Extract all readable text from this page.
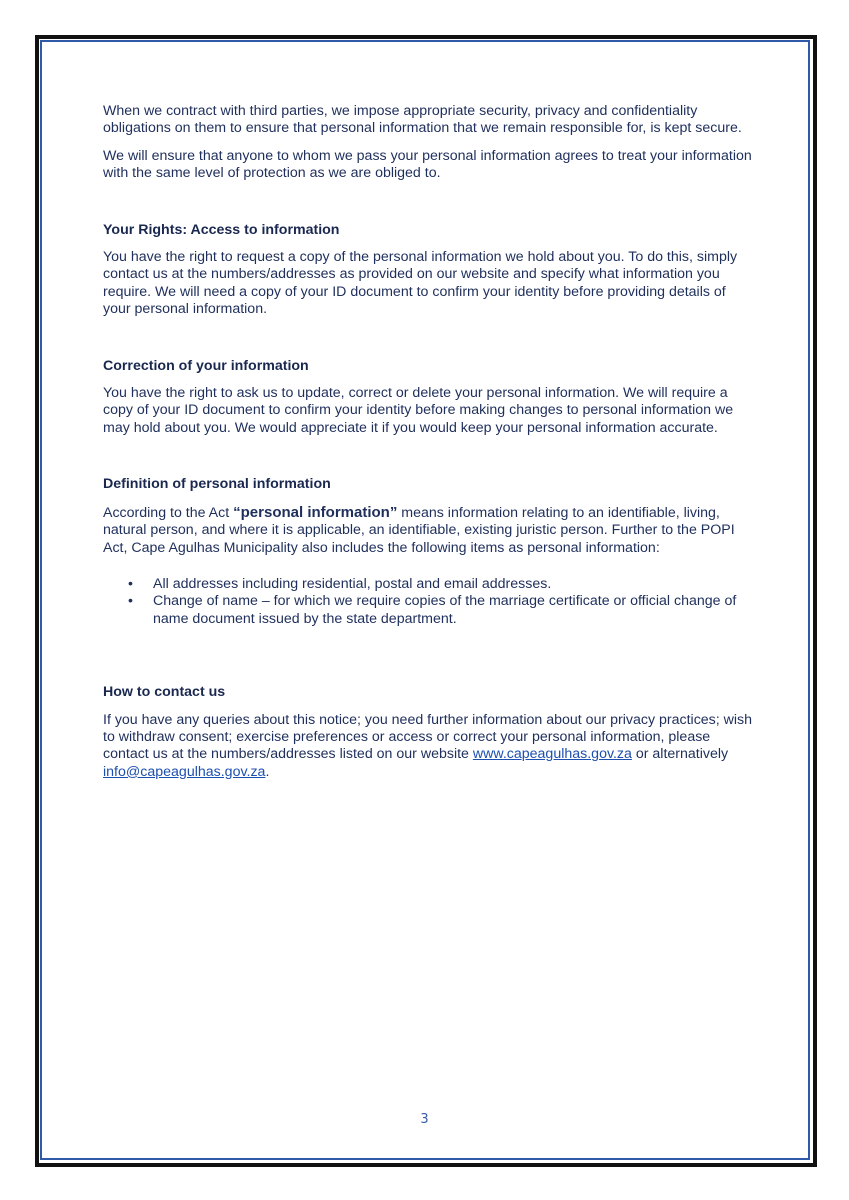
When we contract with third parties, we impose appropriate security, privacy and confidentiality obligations on them to ensure that personal information that we remain responsible for, is kept secure.

We will ensure that anyone to whom we pass your personal information agrees to treat your information with the same level of protection as we are obliged to.

Your Rights: Access to information

You have the right to request a copy of the personal information we hold about you. To do this, simply contact us at the numbers/addresses as provided on our website and specify what information you require. We will need a copy of your ID document to confirm your identity before providing details of your personal information.

Correction of your information

You have the right to ask us to update, correct or delete your personal information. We will require a copy of your ID document to confirm your identity before making changes to personal information we may hold about you. We would appreciate it if you would keep your personal information accurate.

Definition of personal information

According to the Act “personal information” means information relating to an identifiable, living, natural person, and where it is applicable, an identifiable, existing juristic person. Further to the POPI Act, Cape Agulhas Municipality also includes the following items as personal information:

• All addresses including residential, postal and email addresses.
• Change of name – for which we require copies of the marriage certificate or official change of name document issued by the state department.
How to contact us

If you have any queries about this notice; you need further information about our privacy practices; wish to withdraw consent; exercise preferences or access or correct your personal information, please contact us at the numbers/addresses listed on our website www.capeagulhas.gov.za or alternatively info@capeagulhas.gov.za.

3
